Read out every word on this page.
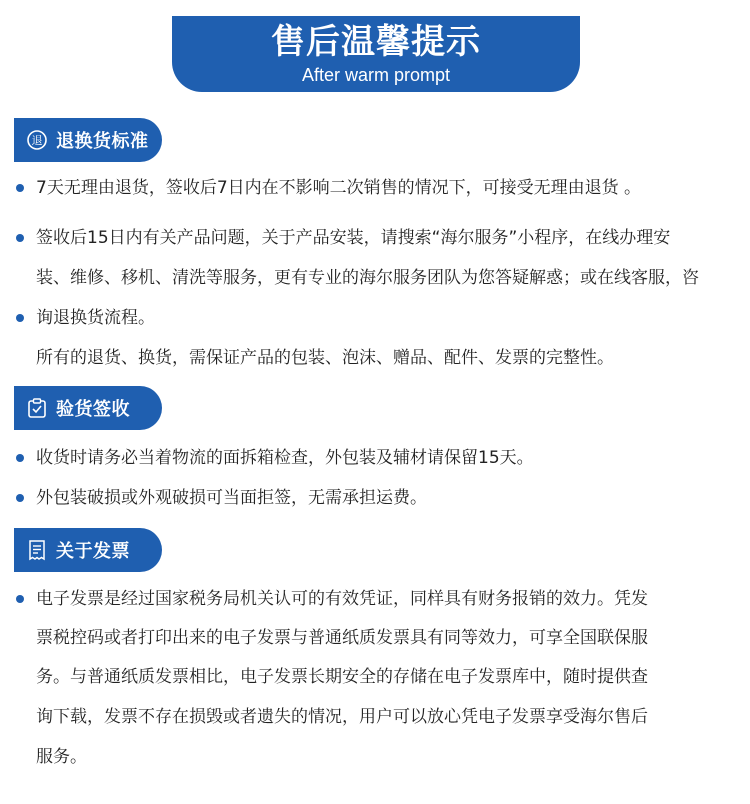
售后温馨提示
After warm prompt
退 退换货标准
7天无理由退货，签收后7日内在不影响二次销售的情况下，可接受无理由退货 。
签收后15日内有关产品问题，关于产品安装，请搜索“海尔服务”小程序，在线办理安
装、维修、移机、清洗等服务，更有专业的海尔服务团队为您答疑解惑；或在线客服，咨
询退换货流程。
所有的退货、换货，需保证产品的包装、泡沫、赠品、配件、发票的完整性。
验货签收
收货时请务必当着物流的面拆箱检查，外包装及辅材请保留15天。
外包装破损或外观破损可当面拒签，无需承担运费。
关于发票
电子发票是经过国家税务局机关认可的有效凭证，同样具有财务报销的效力。凭发
票税控码或者打印出来的电子发票与普通纸质发票具有同等效力，可享全国联保服
务。与普通纸质发票相比，电子发票长期安全的存储在电子发票库中，随时提供查
询下载，发票不存在损毁或者遗失的情况，用户可以放心凭电子发票享受海尔售后
服务。
